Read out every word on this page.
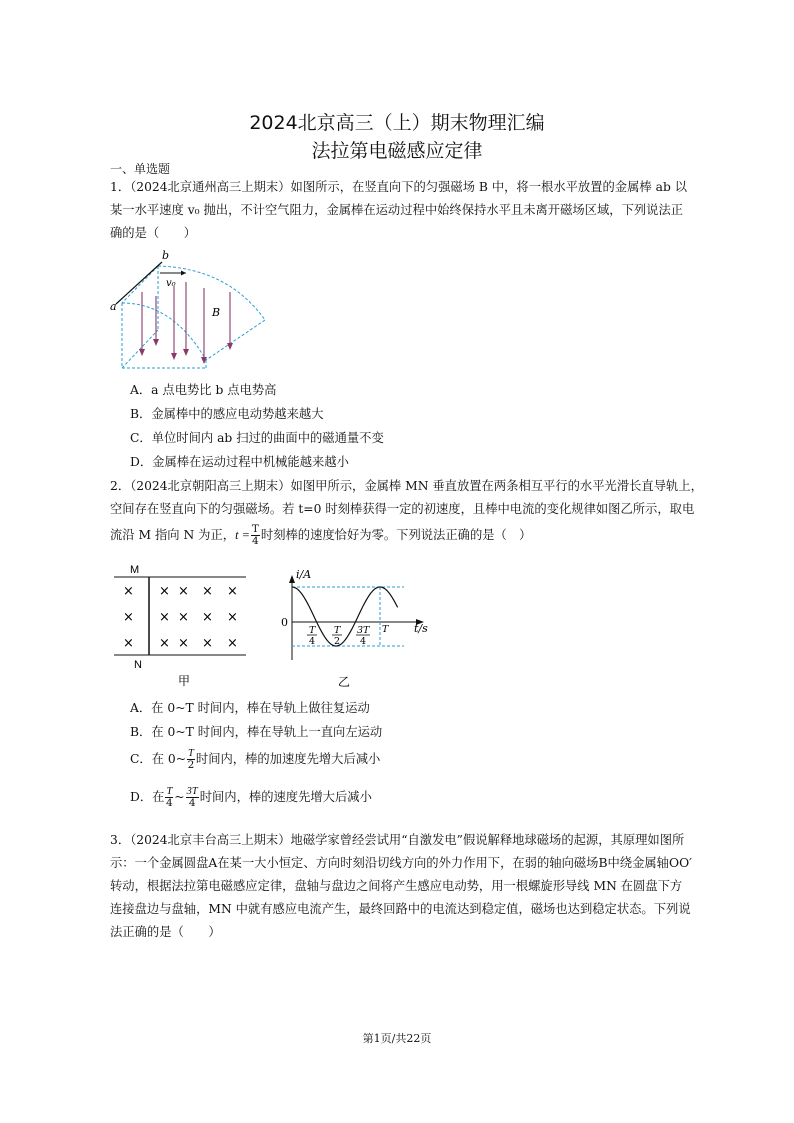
2024北京高三（上）期末物理汇编
法拉第电磁感应定律
一、单选题
1．（2024北京通州高三上期末）如图所示，在竖直向下的匀强磁场 B 中，将一根水平放置的金属棒 ab 以
某一水平速度 v₀ 抛出，不计空气阻力，金属棒在运动过程中始终保持水平且未离开磁场区域，下列说法正
确的是（　　）
b
a
v₀
B
A．a 点电势比 b 点电势高
B．金属棒中的感应电动势越来越大
C．单位时间内 ab 扫过的曲面中的磁通量不变
D．金属棒在运动过程中机械能越来越小
2．（2024北京朝阳高三上期末）如图甲所示，金属棒 MN 垂直放置在两条相互平行的水平光滑长直导轨上，
空间存在竖直向下的匀强磁场。若 t=0 时刻棒获得一定的初速度，且棒中电流的变化规律如图乙所示，取电
流沿 M 指向 N 为正，$t = \frac{T}{4}$ 时刻棒的速度恰好为零。下列说法正确的是（　）
M
N
× × × × ×
× × × × ×
× × × × ×
甲
i/A
t/s
0
T
4
T
2
3T
4
T
乙
A．在 0~T 时间内，棒在导轨上做往复运动
B．在 0~T 时间内，棒在导轨上一直向左运动
C．在 0~ $\frac{T}{2}$ 时间内，棒的加速度先增大后减小
D．在 $\frac{T}{4}$ ~ $\frac{3T}{4}$ 时间内，棒的速度先增大后减小
3．（2024北京丰台高三上期末）地磁学家曾经尝试用“自激发电”假说解释地球磁场的起源，其原理如图所
示：一个金属圆盘A在某一大小恒定、方向时刻沿切线方向的外力作用下，在弱的轴向磁场B中绕金属轴OO′
转动，根据法拉第电磁感应定律，盘轴与盘边之间将产生感应电动势，用一根螺旋形导线 MN 在圆盘下方
连接盘边与盘轴，MN 中就有感应电流产生，最终回路中的电流达到稳定值，磁场也达到稳定状态。下列说
法正确的是（　　）
第1页/共22页
